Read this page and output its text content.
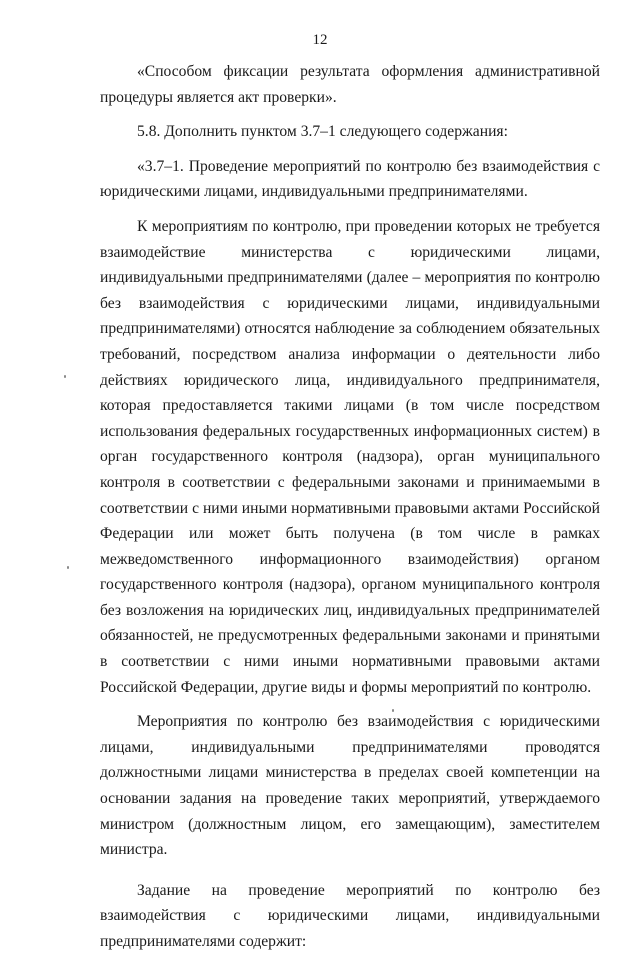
12

«Способом фиксации результата оформления административной процедуры является акт проверки».

5.8. Дополнить пунктом 3.7–1 следующего содержания:

«3.7–1. Проведение мероприятий по контролю без взаимодействия с юридическими лицами, индивидуальными предпринимателями.

К мероприятиям по контролю, при проведении которых не требуется взаимодействие министерства с юридическими лицами, индивидуальными предпринимателями (далее – мероприятия по контролю без взаимодействия с юридическими лицами, индивидуальными предпринимателями) относятся наблюдение за соблюдением обязательных требований, посредством анализа информации о деятельности либо действиях юридического лица, индивидуального предпринимателя, которая предоставляется такими лицами (в том числе посредством использования федеральных государственных информационных систем) в орган государственного контроля (надзора), орган муниципального контроля в соответствии с федеральными законами и принимаемыми в соответствии с ними иными нормативными правовыми актами Российской Федерации или может быть получена (в том числе в рамках межведомственного информационного взаимодействия) органом государственного контроля (надзора), органом муниципального контроля без возложения на юридических лиц, индивидуальных предпринимателей обязанностей, не предусмотренных федеральными законами и принятыми в соответствии с ними иными нормативными правовыми актами Российской Федерации, другие виды и формы мероприятий по контролю.

Мероприятия по контролю без взаимодействия с юридическими лицами, индивидуальными предпринимателями проводятся должностными лицами министерства в пределах своей компетенции на основании задания на проведение таких мероприятий, утверждаемого министром (должностным лицом, его замещающим), заместителем министра.

Задание на проведение мероприятий по контролю без взаимодействия с юридическими лицами, индивидуальными предпринимателями содержит:
